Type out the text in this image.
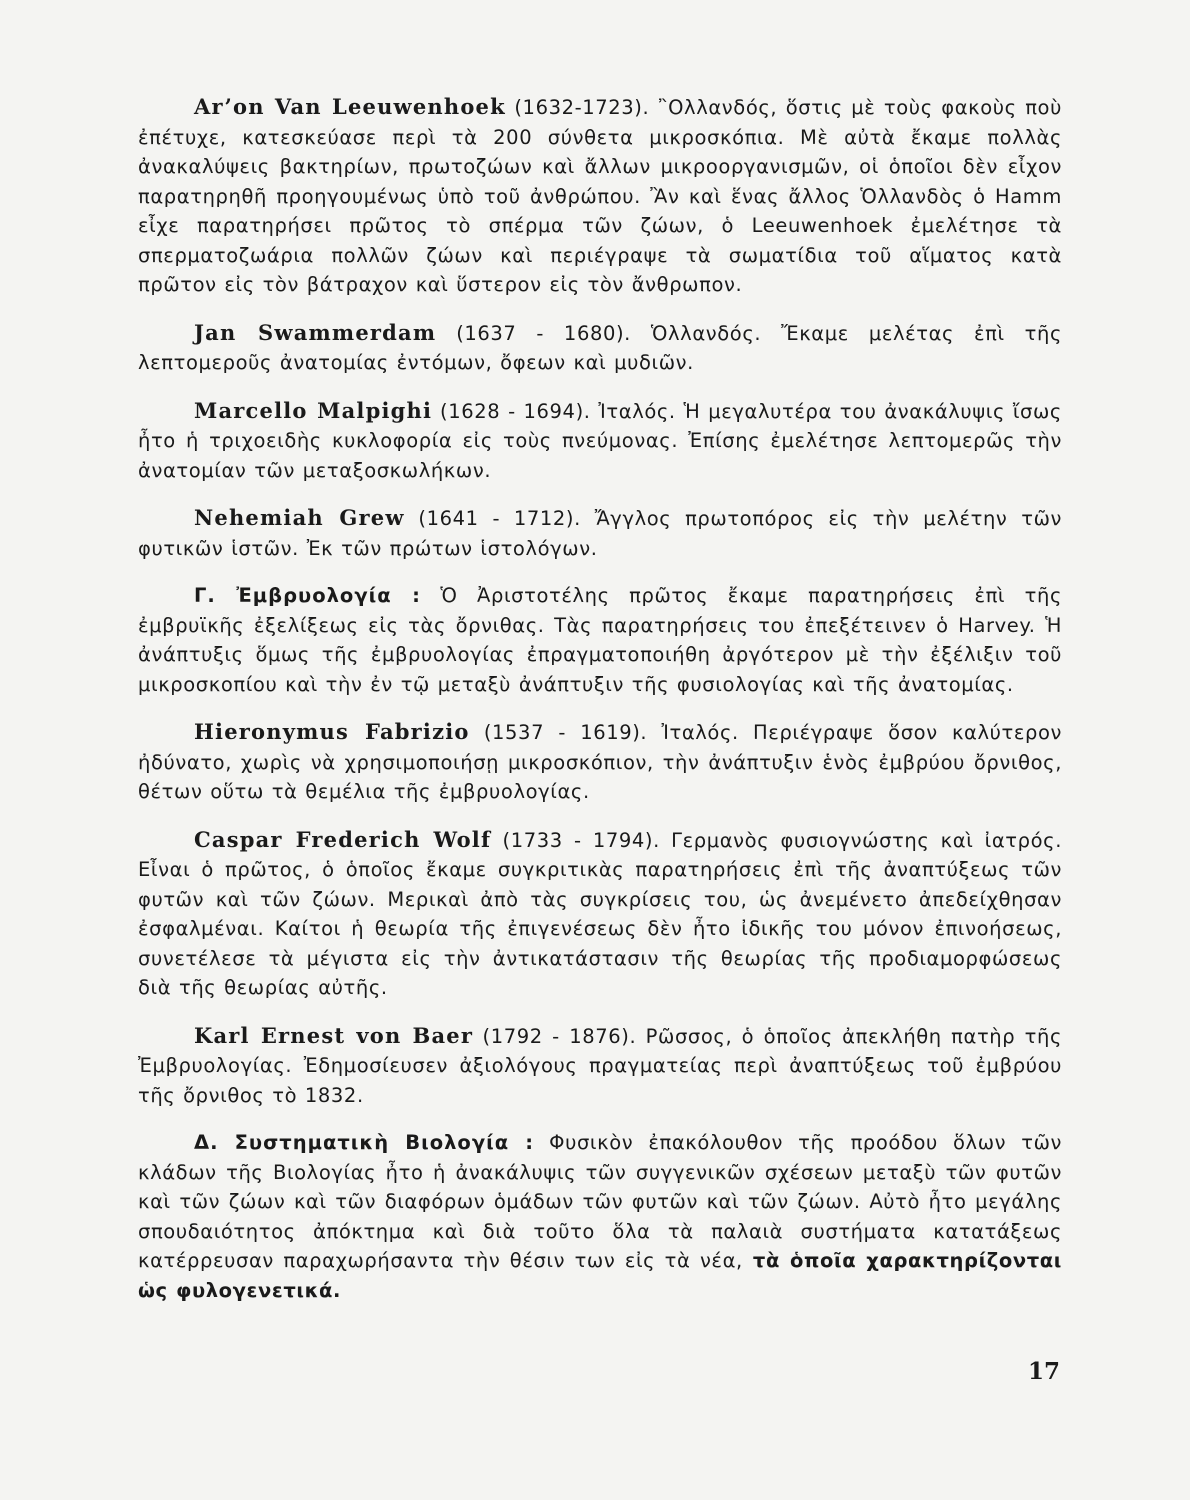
Ar’on Van Leeuwenhoek (1632-1723). ῍Ολλανδός, ὅστις μὲ τοὺς φακοὺς ποὺ ἐπέτυχε, κατεσκεύασε περὶ τὰ 200 σύνθετα μικροσκόπια. Μὲ αὐτὰ ἔκαμε πολλὰς ἀνακαλύψεις βακτηρίων, πρωτοζώων καὶ ἄλλων μικροοργανισμῶν, οἱ ὁποῖοι δὲν εἶχον παρατηρηθῆ προηγουμένως ὑπὸ τοῦ ἀνθρώπου. Ἂν καὶ ἕνας ἄλλος Ὁλλανδὸς ὁ Hamm εἶχε παρατηρήσει πρῶτος τὸ σπέρμα τῶν ζώων, ὁ Leeuwenhoek ἐμελέτησε τὰ σπερματοζωάρια πολλῶν ζώων καὶ περιέγραψε τὰ σωματίδια τοῦ αἵματος κατὰ πρῶτον εἰς τὸν βάτραχον καὶ ὕστερον εἰς τὸν ἄνθρωπον.

Jan Swammerdam (1637 - 1680). Ὁλλανδός. Ἔκαμε μελέτας ἐπὶ τῆς λεπτομεροῦς ἀνατομίας ἐντόμων, ὄφεων καὶ μυδιῶν.

Marcello Malpighi (1628 - 1694). Ἰταλός. Ἡ μεγαλυτέρα του ἀνακάλυψις ἴσως ἦτο ἡ τριχοειδὴς κυκλοφορία εἰς τοὺς πνεύμονας. Ἐπίσης ἐμελέτησε λεπτομερῶς τὴν ἀνατομίαν τῶν μεταξοσκωλήκων.

Nehemiah Grew (1641 - 1712). Ἄγγλος πρωτοπόρος εἰς τὴν μελέτην τῶν φυτικῶν ἱστῶν. Ἐκ τῶν πρώτων ἱστολόγων.

Γ. Ἐμβρυολογία : Ὁ Ἀριστοτέλης πρῶτος ἔκαμε παρατηρήσεις ἐπὶ τῆς ἐμβρυϊκῆς ἐξελίξεως εἰς τὰς ὄρνιθας. Τὰς παρατηρήσεις του ἐπεξέτεινεν ὁ Harvey. Ἡ ἀνάπτυξις ὅμως τῆς ἐμβρυολογίας ἐπραγματοποιήθη ἀργότερον μὲ τὴν ἐξέλιξιν τοῦ μικροσκοπίου καὶ τὴν ἐν τῷ μεταξὺ ἀνάπτυξιν τῆς φυσιολογίας καὶ τῆς ἀνατομίας.

Hieronymus Fabrizio (1537 - 1619). Ἰταλός. Περιέγραψε ὅσον καλύτερον ἠδύνατο, χωρὶς νὰ χρησιμοποιήσῃ μικροσκόπιον, τὴν ἀνάπτυξιν ἑνὸς ἐμβρύου ὄρνιθος, θέτων οὕτω τὰ θεμέλια τῆς ἐμβρυολογίας.

Caspar Frederich Wolf (1733 - 1794). Γερμανὸς φυσιογνώστης καὶ ἰατρός. Εἶναι ὁ πρῶτος, ὁ ὁποῖος ἔκαμε συγκριτικὰς παρατηρήσεις ἐπὶ τῆς ἀναπτύξεως τῶν φυτῶν καὶ τῶν ζώων. Μερικαὶ ἀπὸ τὰς συγκρίσεις του, ὡς ἀνεμένετο ἀπεδείχθησαν ἐσφαλμέναι. Καίτοι ἡ θεωρία τῆς ἐπιγενέσεως δὲν ἦτο ἰδικῆς του μόνον ἐπινοήσεως, συνετέλεσε τὰ μέγιστα εἰς τὴν ἀντικατάστασιν τῆς θεωρίας τῆς προδιαμορφώσεως διὰ τῆς θεωρίας αὐτῆς.

Karl Ernest von Baer (1792 - 1876). Ρῶσσος, ὁ ὁποῖος ἀπεκλήθη πατὴρ τῆς Ἐμβρυολογίας. Ἐδημοσίευσεν ἀξιολόγους πραγματείας περὶ ἀναπτύξεως τοῦ ἐμβρύου τῆς ὄρνιθος τὸ 1832.

Δ. Συστηματικὴ Βιολογία : Φυσικὸν ἐπακόλουθον τῆς προόδου ὅλων τῶν κλάδων τῆς Βιολογίας ἦτο ἡ ἀνακάλυψις τῶν συγγενικῶν σχέσεων μεταξὺ τῶν φυτῶν καὶ τῶν ζώων καὶ τῶν διαφόρων ὁμάδων τῶν φυτῶν καὶ τῶν ζώων. Αὐτὸ ἦτο μεγάλης σπουδαιότητος ἀπόκτημα καὶ διὰ τοῦτο ὅλα τὰ παλαιὰ συστήματα κατατάξεως κατέρρευσαν παραχωρήσαντα τὴν θέσιν των εἰς τὰ νέα, τὰ ὁποῖα χαρακτηρίζονται ὡς φυλογενετικά.

17
